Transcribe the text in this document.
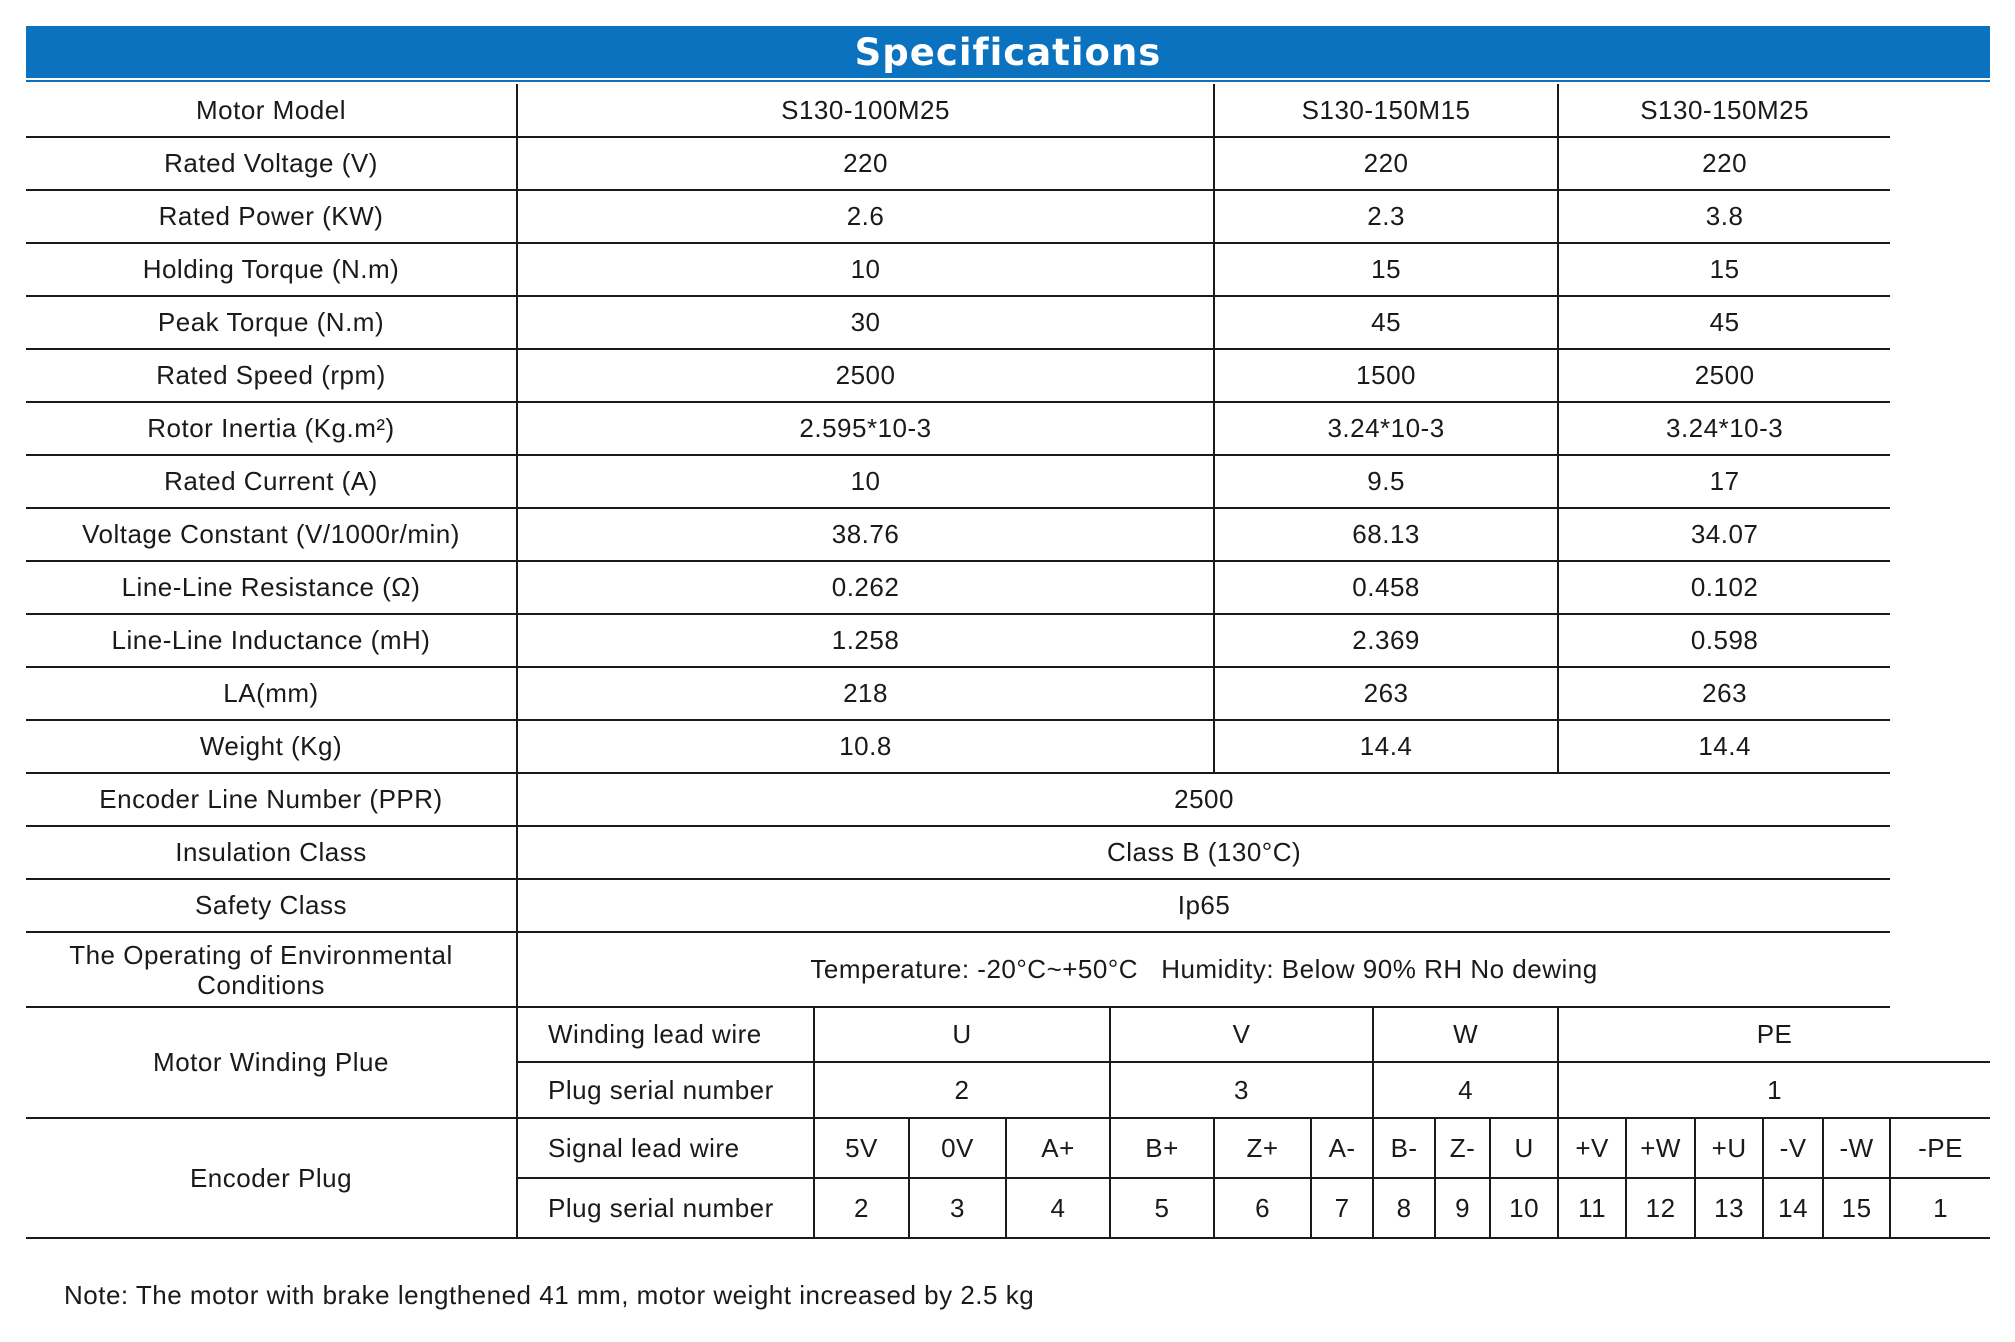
Specifications
Motor Model	S130-100M25					S130-150M15					S130-150M25					
Rated Voltage (V)	220					220					220					
Rated Power (KW)	2.6					2.3					3.8					
Holding Torque (N.m)	10					15					15					
Peak Torque (N.m)	30					45					45					
Rated Speed (rpm)	2500					1500					2500					
Rotor Inertia (Kg.m²)	2.595*10-3					3.24*10-3					3.24*10-3					
Rated Current (A)	10					9.5					17					
Voltage Constant (V/1000r/min)	38.76					68.13					34.07					
Line-Line Resistance (Ω)	0.262					0.458					0.102					
Line-Line Inductance (mH)	1.258					2.369					0.598					
LA(mm)	218					263					263					
Weight (Kg)	10.8					14.4					14.4					
Encoder Line Number (PPR)	2500															
Insulation Class	Class B (130°C)															
Safety Class	Ip65															
The Operating of Environmental Conditions	Temperature: -20°C~+50°C   Humidity: Below 90% RH No dewing															
Motor Winding Plue	Winding lead wire	U			V			W			PE					
	Plug serial number	2			3			4			1					
Encoder Plug	Signal lead wire	5V	0V	A+	B+	Z+	A-	B-	Z-	U	+V	+W	+U	-V	-W	-PE
	Plug serial number	2	3	4	5	6	7	8	9	10	11	12	13	14	15	1
Note: The motor with brake lengthened 41 mm, motor weight increased by 2.5 kg
